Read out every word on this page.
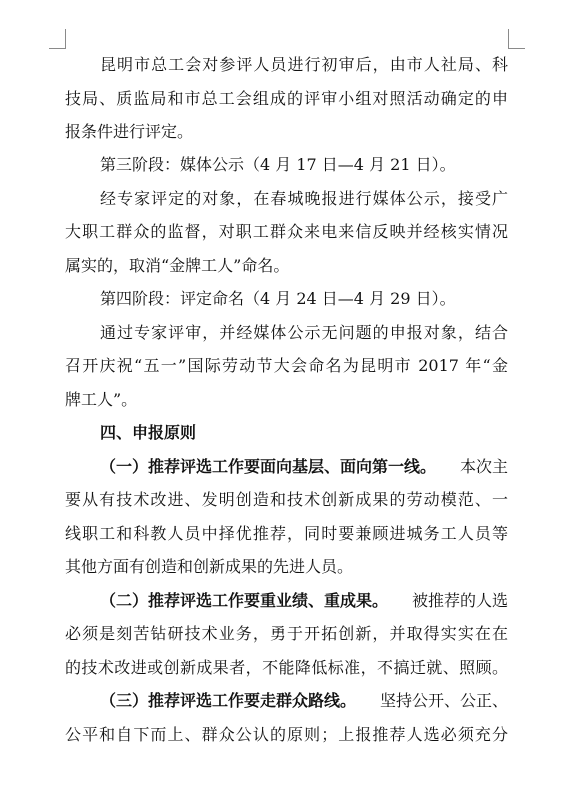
昆明市总工会对参评人员进行初审后，由市人社局、科
技局、质监局和市总工会组成的评审小组对照活动确定的申
报条件进行评定。
第三阶段：媒体公示（4 月 17 日—4 月 21 日）。
经专家评定的对象，在春城晚报进行媒体公示，接受广
大职工群众的监督，对职工群众来电来信反映并经核实情况
属实的，取消“金牌工人”命名。
第四阶段：评定命名（4 月 24 日—4 月 29 日）。
通过专家评审，并经媒体公示无问题的申报对象，结合
召开庆祝“五一”国际劳动节大会命名为昆明市 2017 年“金
牌工人”。
四、申报原则
（一）推荐评选工作要面向基层、面向第一线。 本次主
要从有技术改进、发明创造和技术创新成果的劳动模范、一
线职工和科教人员中择优推荐，同时要兼顾进城务工人员等
其他方面有创造和创新成果的先进人员。
（二）推荐评选工作要重业绩、重成果。 被推荐的人选
必须是刻苦钻研技术业务，勇于开拓创新，并取得实实在在
的技术改进或创新成果者，不能降低标准，不搞迁就、照顾。
（三）推荐评选工作要走群众路线。 坚持公开、公正、
公平和自下而上、群众公认的原则；上报推荐人选必须充分
